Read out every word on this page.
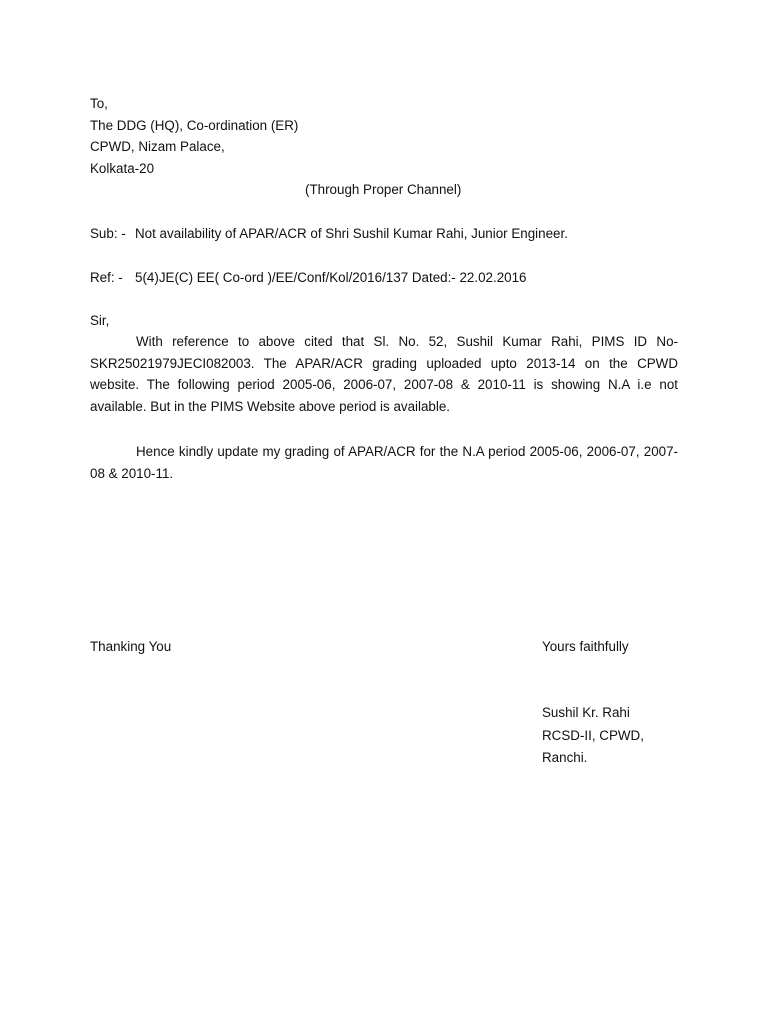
To,
The DDG (HQ), Co-ordination (ER)
CPWD, Nizam Palace,
Kolkata-20
(Through Proper Channel)
Sub: - Not availability of APAR/ACR of Shri Sushil Kumar Rahi, Junior Engineer.
Ref: - 5(4)JE(C) EE( Co-ord )/EE/Conf/Kol/2016/137 Dated:- 22.02.2016
Sir,
With reference to above cited that Sl. No. 52, Sushil Kumar Rahi, PIMS ID No-SKR25021979JECI082003. The APAR/ACR grading uploaded upto 2013-14 on the CPWD website. The following period 2005-06, 2006-07, 2007-08 & 2010-11 is showing N.A i.e not available. But in the PIMS Website above period is available.
Hence kindly update my grading of APAR/ACR for the N.A period 2005-06, 2006-07, 2007-08 & 2010-11.
Thanking You	Yours faithfully
Sushil Kr. Rahi
RCSD-II, CPWD,
Ranchi.
